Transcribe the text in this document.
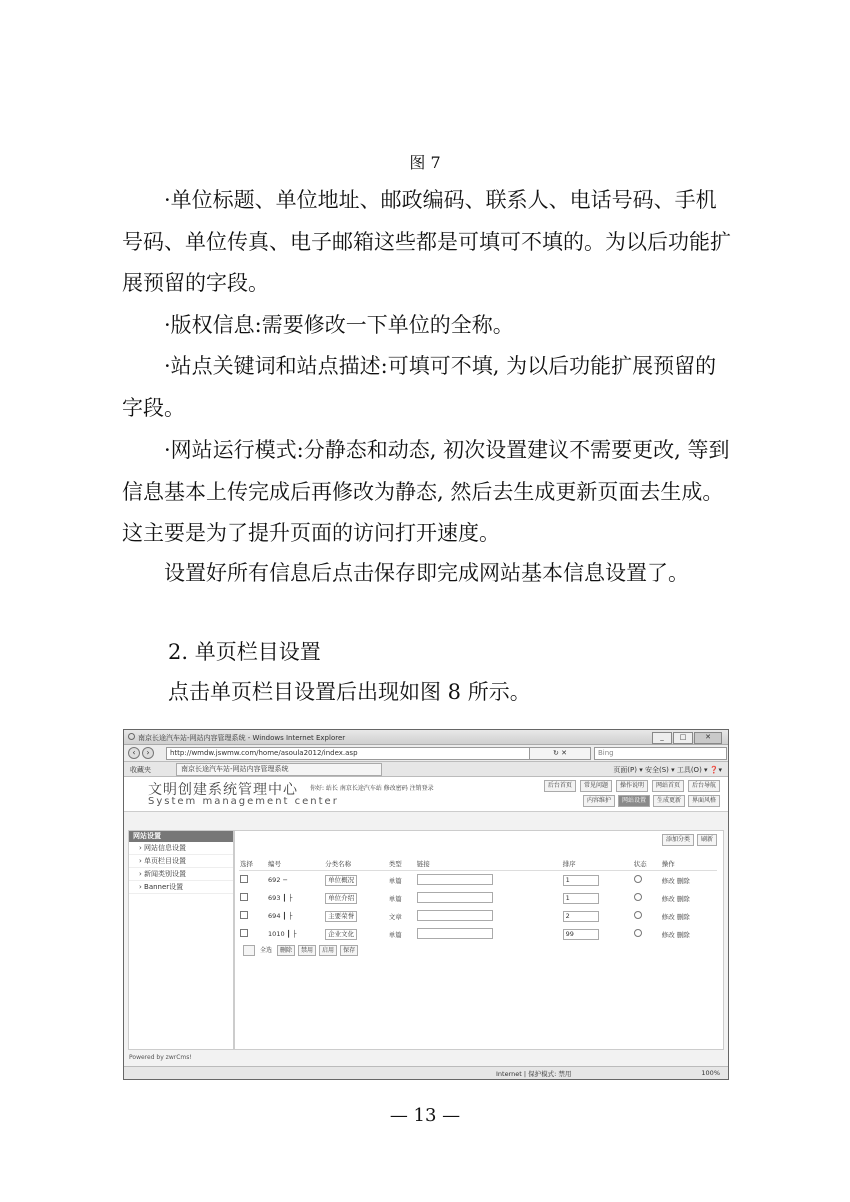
图 7

·单位标题、单位地址、邮政编码、联系人、电话号码、手机号码、单位传真、电子邮箱这些都是可填可不填的。为以后功能扩展预留的字段。

·版权信息:需要修改一下单位的全称。

·站点关键词和站点描述:可填可不填, 为以后功能扩展预留的字段。

·网站运行模式:分静态和动态, 初次设置建议不需要更改, 等到信息基本上传完成后再修改为静态, 然后去生成更新页面去生成。这主要是为了提升页面的访问打开速度。

设置好所有信息后点击保存即完成网站基本信息设置了。

2. 单页栏目设置
点击单页栏目设置后出现如图 8 所示。
南京长途汽车站-网站内容管理系统 - Windows Internet Explorer	_	□	✕
‹	›	http://wmdw.jswmw.com/home/asoula2012/index.asp	↻ ✕	Bing
收藏夹	南京长途汽车站-网站内容管理系统	页面(P) ▾ 安全(S) ▾ 工具(O) ▾ ❓▾
文明创建系统管理中心
System management center
你好: 站长 南京长途汽车站 修改密码 注销登录	后台首页	常见问题	操作说明	网站首页	后台导航
内容维护	网站设置	生成更新	界面风格
网站设置
› 网站信息设置
› 单页栏目设置
› 新闻类别设置
› Banner设置
Powered by zwrCms!
添加分类	刷新
选择	编号	分类名称	类型	链接	排序	状态	操作
	692 −	单位概况	单篇		1		修改 删除
	693 ┃ ├	单位介绍	单篇		1		修改 删除
	694 ┃ ├	主要荣誉	文章		2		修改 删除
	1010 ┃ ├	企业文化	单篇		99		修改 删除
全选	删除	禁用	启用	保存
Internet | 保护模式: 禁用	100%
— 13 —
